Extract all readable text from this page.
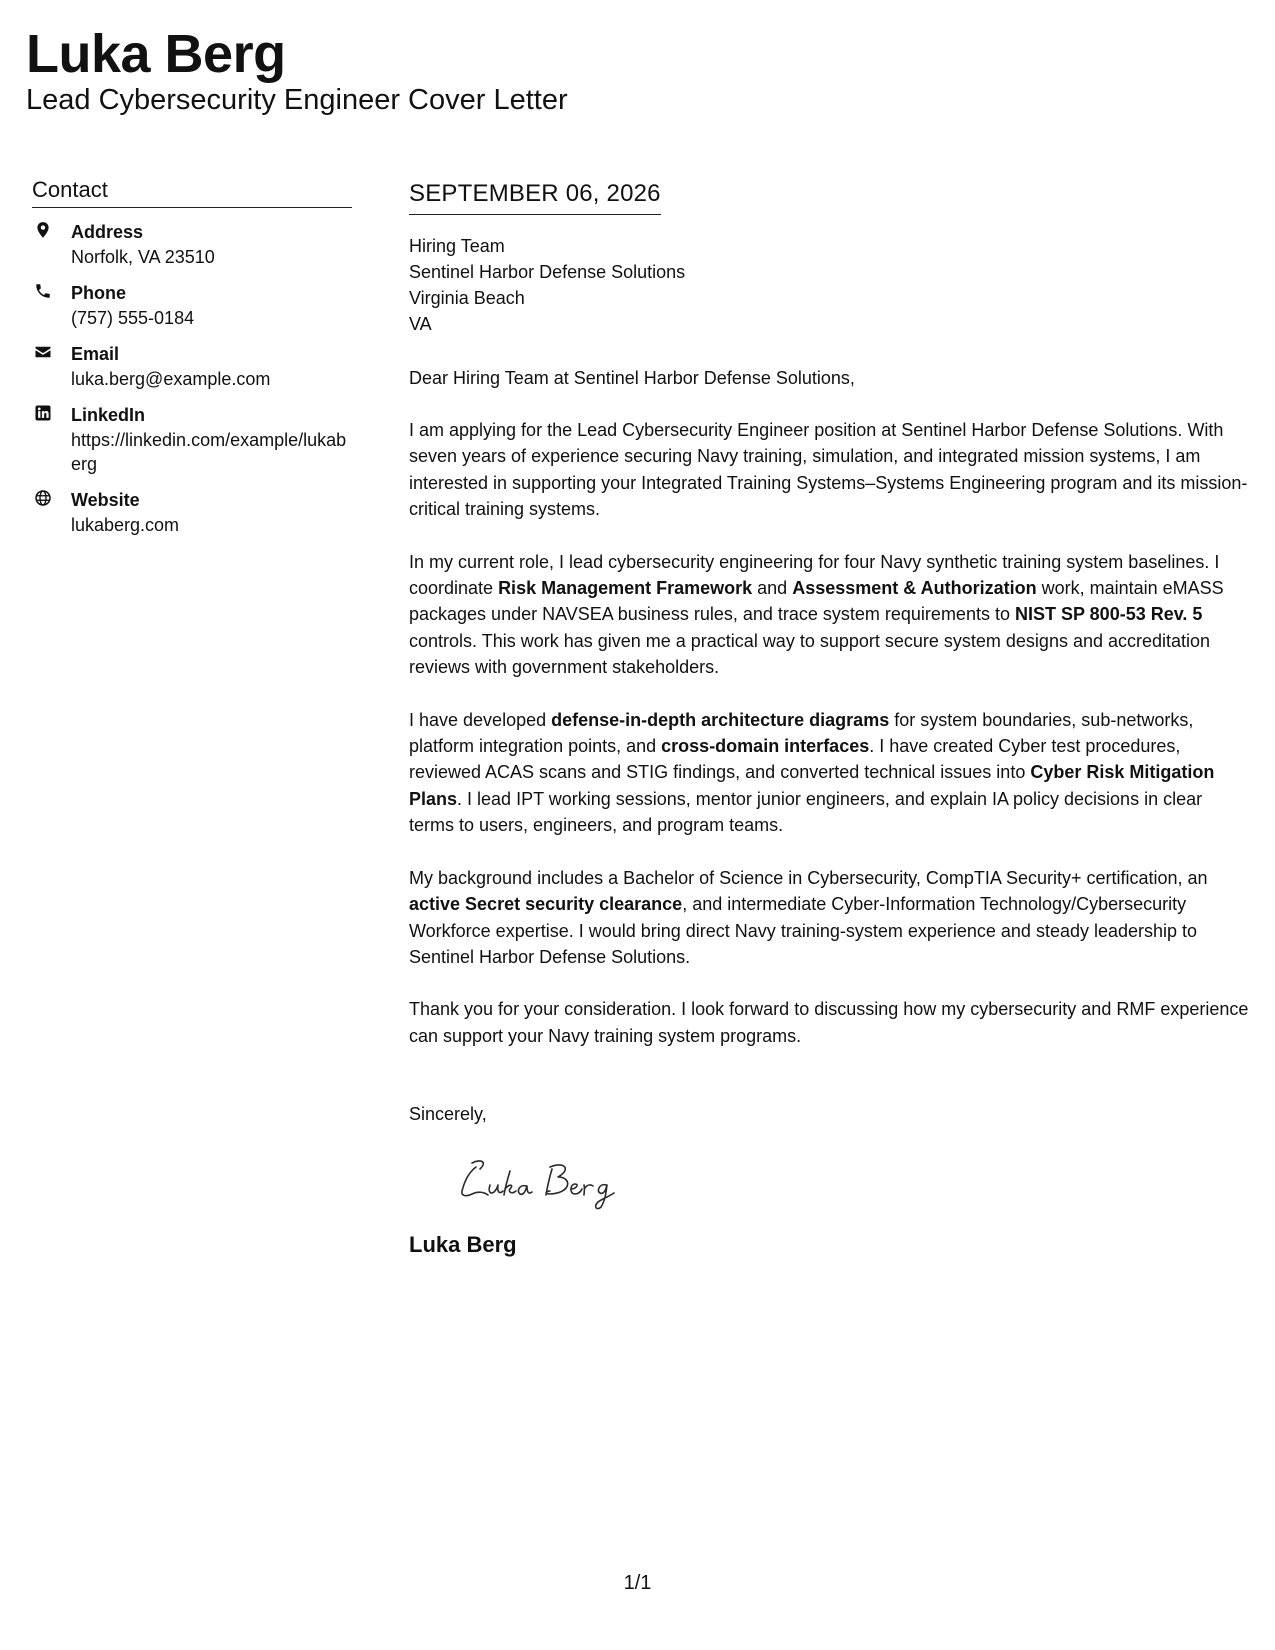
Luka Berg
Lead Cybersecurity Engineer Cover Letter
Contact
Address
Norfolk, VA 23510
Phone
(757) 555-0184
Email
luka.berg@example.com
LinkedIn
https://linkedin.com/example/lukaberg
Website
lukaberg.com
SEPTEMBER 06, 2026
Hiring Team
Sentinel Harbor Defense Solutions
Virginia Beach
VA
Dear Hiring Team at Sentinel Harbor Defense Solutions,

I am applying for the Lead Cybersecurity Engineer position at Sentinel Harbor Defense Solutions. With seven years of experience securing Navy training, simulation, and integrated mission systems, I am interested in supporting your Integrated Training Systems–Systems Engineering program and its mission-critical training systems.

In my current role, I lead cybersecurity engineering for four Navy synthetic training system baselines. I coordinate Risk Management Framework and Assessment & Authorization work, maintain eMASS packages under NAVSEA business rules, and trace system requirements to NIST SP 800-53 Rev. 5 controls. This work has given me a practical way to support secure system designs and accreditation reviews with government stakeholders.

I have developed defense-in-depth architecture diagrams for system boundaries, sub-networks, platform integration points, and cross-domain interfaces. I have created Cyber test procedures, reviewed ACAS scans and STIG findings, and converted technical issues into Cyber Risk Mitigation Plans. I lead IPT working sessions, mentor junior engineers, and explain IA policy decisions in clear terms to users, engineers, and program teams.

My background includes a Bachelor of Science in Cybersecurity, CompTIA Security+ certification, an active Secret security clearance, and intermediate Cyber-Information Technology/Cybersecurity Workforce expertise. I would bring direct Navy training-system experience and steady leadership to Sentinel Harbor Defense Solutions.

Thank you for your consideration. I look forward to discussing how my cybersecurity and RMF experience can support your Navy training system programs.

Sincerely,
Luka Berg
1/1
